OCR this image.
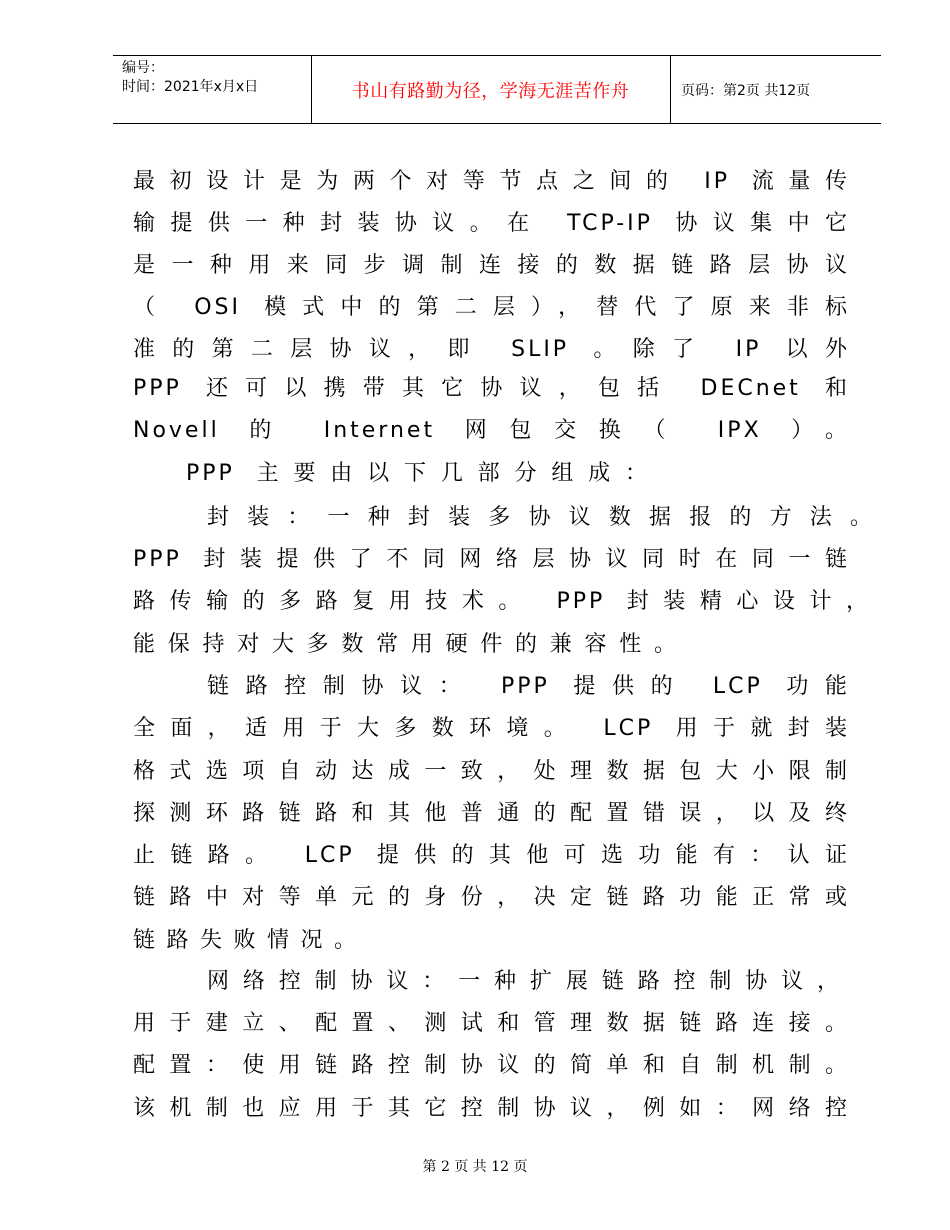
编号：
时间：2021年x月x日	书山有路勤为径，学海无涯苦作舟	页码：第2页 共12页
最初设计是为两个对等节点之间的 IP 流量传
输提供一种封装协议。在 TCP-IP 协议集中它
是一种用来同步调制连接的数据链路层协议
（ OSI 模式中的第二层），替代了原来非标
准的第二层协议，即 SLIP 。除了 IP 以外
PPP 还可以携带其它协议，包括 DECnet 和
Novell 的 Internet 网包交换（ IPX ）。
PPP 主要由以下几部分组成：
封装：一种封装多协议数据报的方法。
PPP 封装提供了不同网络层协议同时在同一链
路传输的多路复用技术。 PPP 封装精心设计，
能保持对大多数常用硬件的兼容性。
链路控制协议： PPP 提供的 LCP 功能
全面，适用于大多数环境。 LCP 用于就封装
格式选项自动达成一致，处理数据包大小限制
探测环路链路和其他普通的配置错误，以及终
止链路。 LCP 提供的其他可选功能有：认证
链路中对等单元的身份，决定链路功能正常或
链路失败情况。
网络控制协议：一种扩展链路控制协议，
用于建立、配置、测试和管理数据链路连接。
配置：使用链路控制协议的简单和自制机制。
该机制也应用于其它控制协议，例如：网络控
第 2 页 共 12 页
